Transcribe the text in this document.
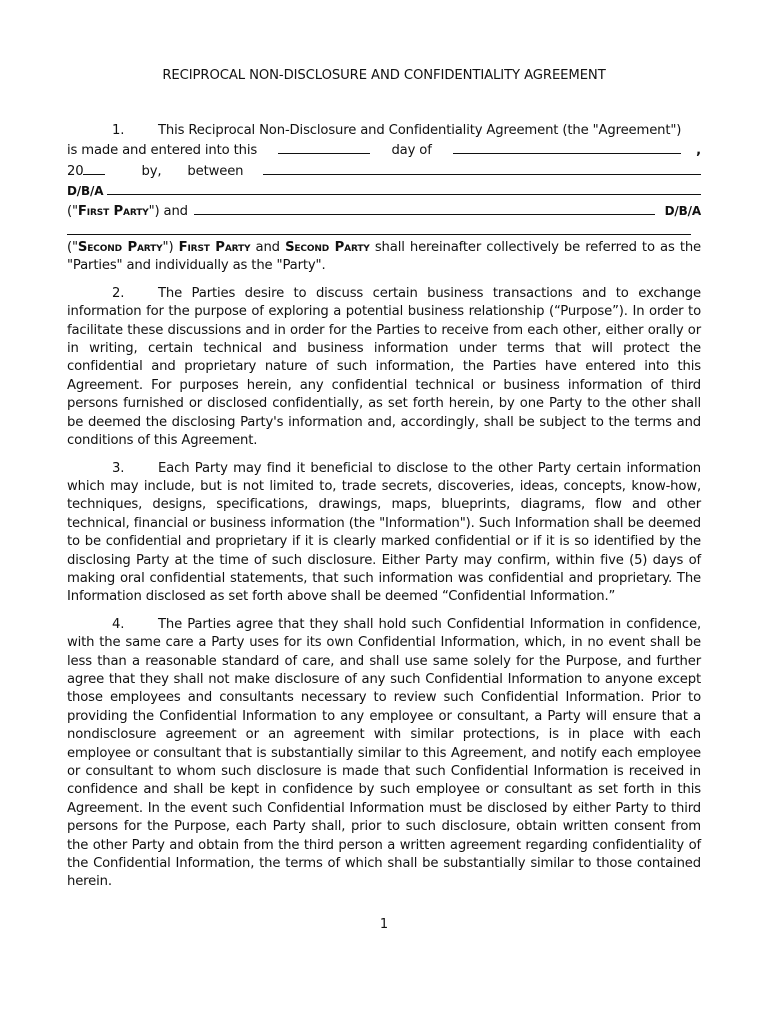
RECIPROCAL NON-DISCLOSURE AND CONFIDENTIALITY AGREEMENT

1.	This Reciprocal Non-Disclosure and Confidentiality Agreement (the "Agreement")

is made and entered into this	day of	,
20	by, between
D/B/A
(" First Party ") and	D/B/A

("Second Party") First Party and Second Party shall hereinafter collectively be referred to as the "Parties" and individually as the "Party".

2.	The Parties desire to discuss certain business transactions and to exchange information for the purpose of exploring a potential business relationship (“Purpose”). In order to facilitate these discussions and in order for the Parties to receive from each other, either orally or in writing, certain technical and business information under terms that will protect the confidential and proprietary nature of such information, the Parties have entered into this Agreement. For purposes herein, any confidential technical or business information of third persons furnished or disclosed confidentially, as set forth herein, by one Party to the other shall be deemed the disclosing Party's information and, accordingly, shall be subject to the terms and conditions of this Agreement.

3.	Each Party may find it beneficial to disclose to the other Party certain information which may include, but is not limited to, trade secrets, discoveries, ideas, concepts, know-how, techniques, designs, specifications, drawings, maps, blueprints, diagrams, flow and other technical, financial or business information (the "Information"). Such Information shall be deemed to be confidential and proprietary if it is clearly marked confidential or if it is so identified by the disclosing Party at the time of such disclosure. Either Party may confirm, within five (5) days of making oral confidential statements, that such information was confidential and proprietary. The Information disclosed as set forth above shall be deemed “Confidential Information.”

4.	The Parties agree that they shall hold such Confidential Information in confidence, with the same care a Party uses for its own Confidential Information, which, in no event shall be less than a reasonable standard of care, and shall use same solely for the Purpose, and further agree that they shall not make disclosure of any such Confidential Information to anyone except those employees and consultants necessary to review such Confidential Information. Prior to providing the Confidential Information to any employee or consultant, a Party will ensure that a nondisclosure agreement or an agreement with similar protections, is in place with each employee or consultant that is substantially similar to this Agreement, and notify each employee or consultant to whom such disclosure is made that such Confidential Information is received in confidence and shall be kept in confidence by such employee or consultant as set forth in this Agreement. In the event such Confidential Information must be disclosed by either Party to third persons for the Purpose, each Party shall, prior to such disclosure, obtain written consent from the other Party and obtain from the third person a written agreement regarding confidentiality of the Confidential Information, the terms of which shall be substantially similar to those contained herein.

1
